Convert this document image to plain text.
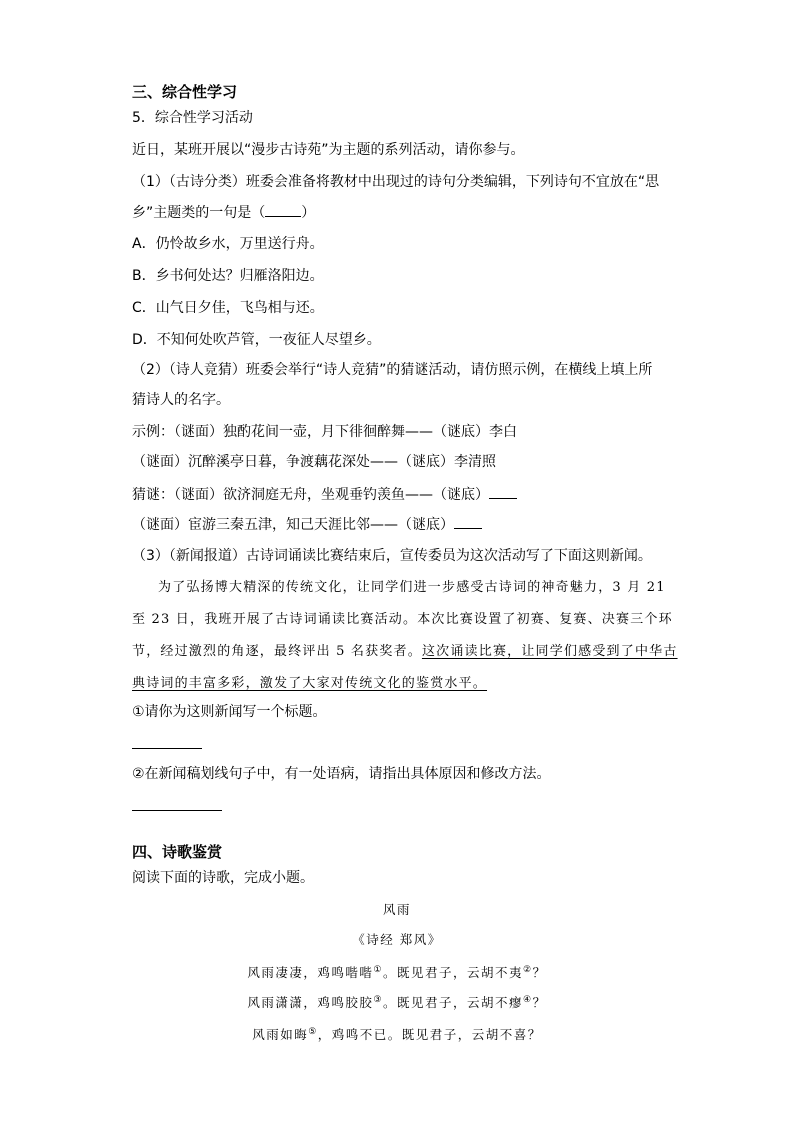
三、综合性学习
5．综合性学习活动
近日，某班开展以“漫步古诗苑”为主题的系列活动，请你参与。
（1）（古诗分类）班委会准备将教材中出现过的诗句分类编辑，下列诗句不宜放在“思
乡”主题类的一句是（	）
A．仍怜故乡水，万里送行舟。
B．乡书何处达？归雁洛阳边。
C．山气日夕佳，飞鸟相与还。
D．不知何处吹芦管，一夜征人尽望乡。
（2）（诗人竞猜）班委会举行“诗人竞猜”的猜谜活动，请仿照示例，在横线上填上所
猜诗人的名字。
示例：（谜面）独酌花间一壶，月下徘徊醉舞——（谜底）李白
（谜面）沉醉溪亭日暮，争渡藕花深处——（谜底）李清照
猜谜：（谜面）欲济洞庭无舟，坐观垂钓羡鱼——（谜底）
（谜面）宦游三秦五津，知己天涯比邻——（谜底）
（3）（新闻报道）古诗词诵读比赛结束后，宣传委员为这次活动写了下面这则新闻。
为了弘扬博大精深的传统文化，让同学们进一步感受古诗词的神奇魅力，3 月 21
至 23 日，我班开展了古诗词诵读比赛活动。本次比赛设置了初赛、复赛、决赛三个环
节，经过激烈的角逐，最终评出 5 名获奖者。这次诵读比赛，让同学们感受到了中华古
典诗词的丰富多彩，激发了大家对传统文化的鉴赏水平。
①请你为这则新闻写一个标题。
②在新闻稿划线句子中，有一处语病，请指出具体原因和修改方法。
四、诗歌鉴赏
阅读下面的诗歌，完成小题。
风雨
《诗经 郑风》
风雨凄凄，鸡鸣喈喈①。既见君子，云胡不夷②？
风雨潇潇，鸡鸣胶胶③。既见君子，云胡不瘳④？
风雨如晦⑤，鸡鸣不已。既见君子，云胡不喜？
